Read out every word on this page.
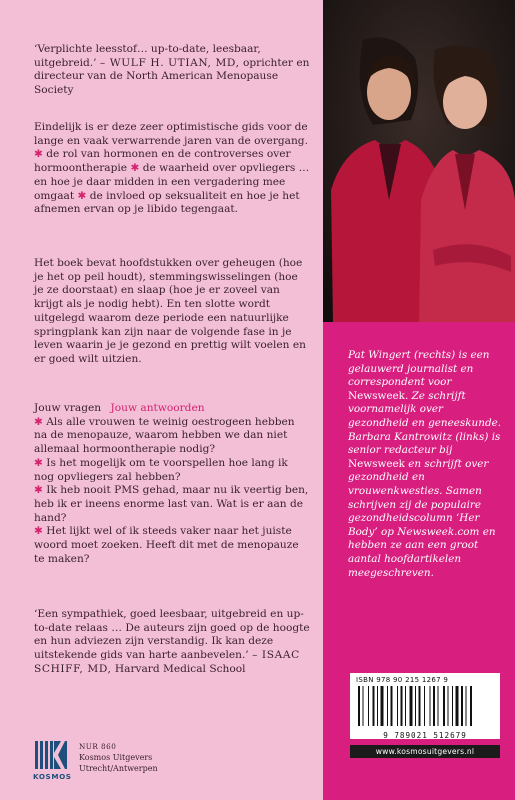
‘Verplichte leesstof… up-to-date, leesbaar, uitgebreid.’ – WULF H. UTIAN, MD, oprichter en directeur van de North American Menopause Society
Eindelijk is er deze zeer optimistische gids voor de lange en vaak verwarrende jaren van de overgang. ✱ de rol van hormonen en de controverses over hormoontherapie ✱ de waarheid over opvliegers … en hoe je daar midden in een vergadering mee omgaat ✱ de invloed op seksualiteit en hoe je het afnemen ervan op je libido tegengaat.
Het boek bevat hoofdstukken over geheugen (hoe je het op peil houdt), stemmingswisselingen (hoe je ze doorstaat) en slaap (hoe je er zoveel van krijgt als je nodig hebt). En ten slotte wordt uitgelegd waarom deze periode een natuurlijke springplank kan zijn naar de volgende fase in je leven waarin je je gezond en prettig wilt voelen en er goed wilt uitzien.
Jouw vragen Jouw antwoorden
✱ Als alle vrouwen te weinig oestrogeen hebben na de menopauze, waarom hebben we dan niet allemaal hormoontherapie nodig?
✱ Is het mogelijk om te voorspellen hoe lang ik nog opvliegers zal hebben?
✱ Ik heb nooit PMS gehad, maar nu ik veertig ben, heb ik er ineens enorme last van. Wat is er aan de hand?
✱ Het lijkt wel of ik steeds vaker naar het juiste woord moet zoeken. Heeft dit met de menopauze te maken?
‘Een sympathiek, goed leesbaar, uitgebreid en up-to-date relaas … De auteurs zijn goed op de hoogte en hun adviezen zijn verstandig. Ik kan deze uitstekende gids van harte aanbevelen.’ – ISAAC SCHIFF, MD, Harvard Medical School
KOSMOS
NUR 860
Kosmos Uitgevers
Utrecht/Antwerpen
Pat Wingert (rechts) is een gelauwerd journalist en correspondent voor Newsweek. Ze schrijft voornamelijk over gezondheid en geneeskunde. Barbara Kantrowitz (links) is senior redacteur bij Newsweek en schrijft over gezondheid en vrouwenkwesties. Samen schrijven zij de populaire gezondheidscolumn ‘Her Body’ op Newsweek.com en hebben ze aan een groot aantal hoofdartikelen meegeschreven.
ISBN 978 90 215 1267 9
9 789021 512679
www.kosmosuitgevers.nl
